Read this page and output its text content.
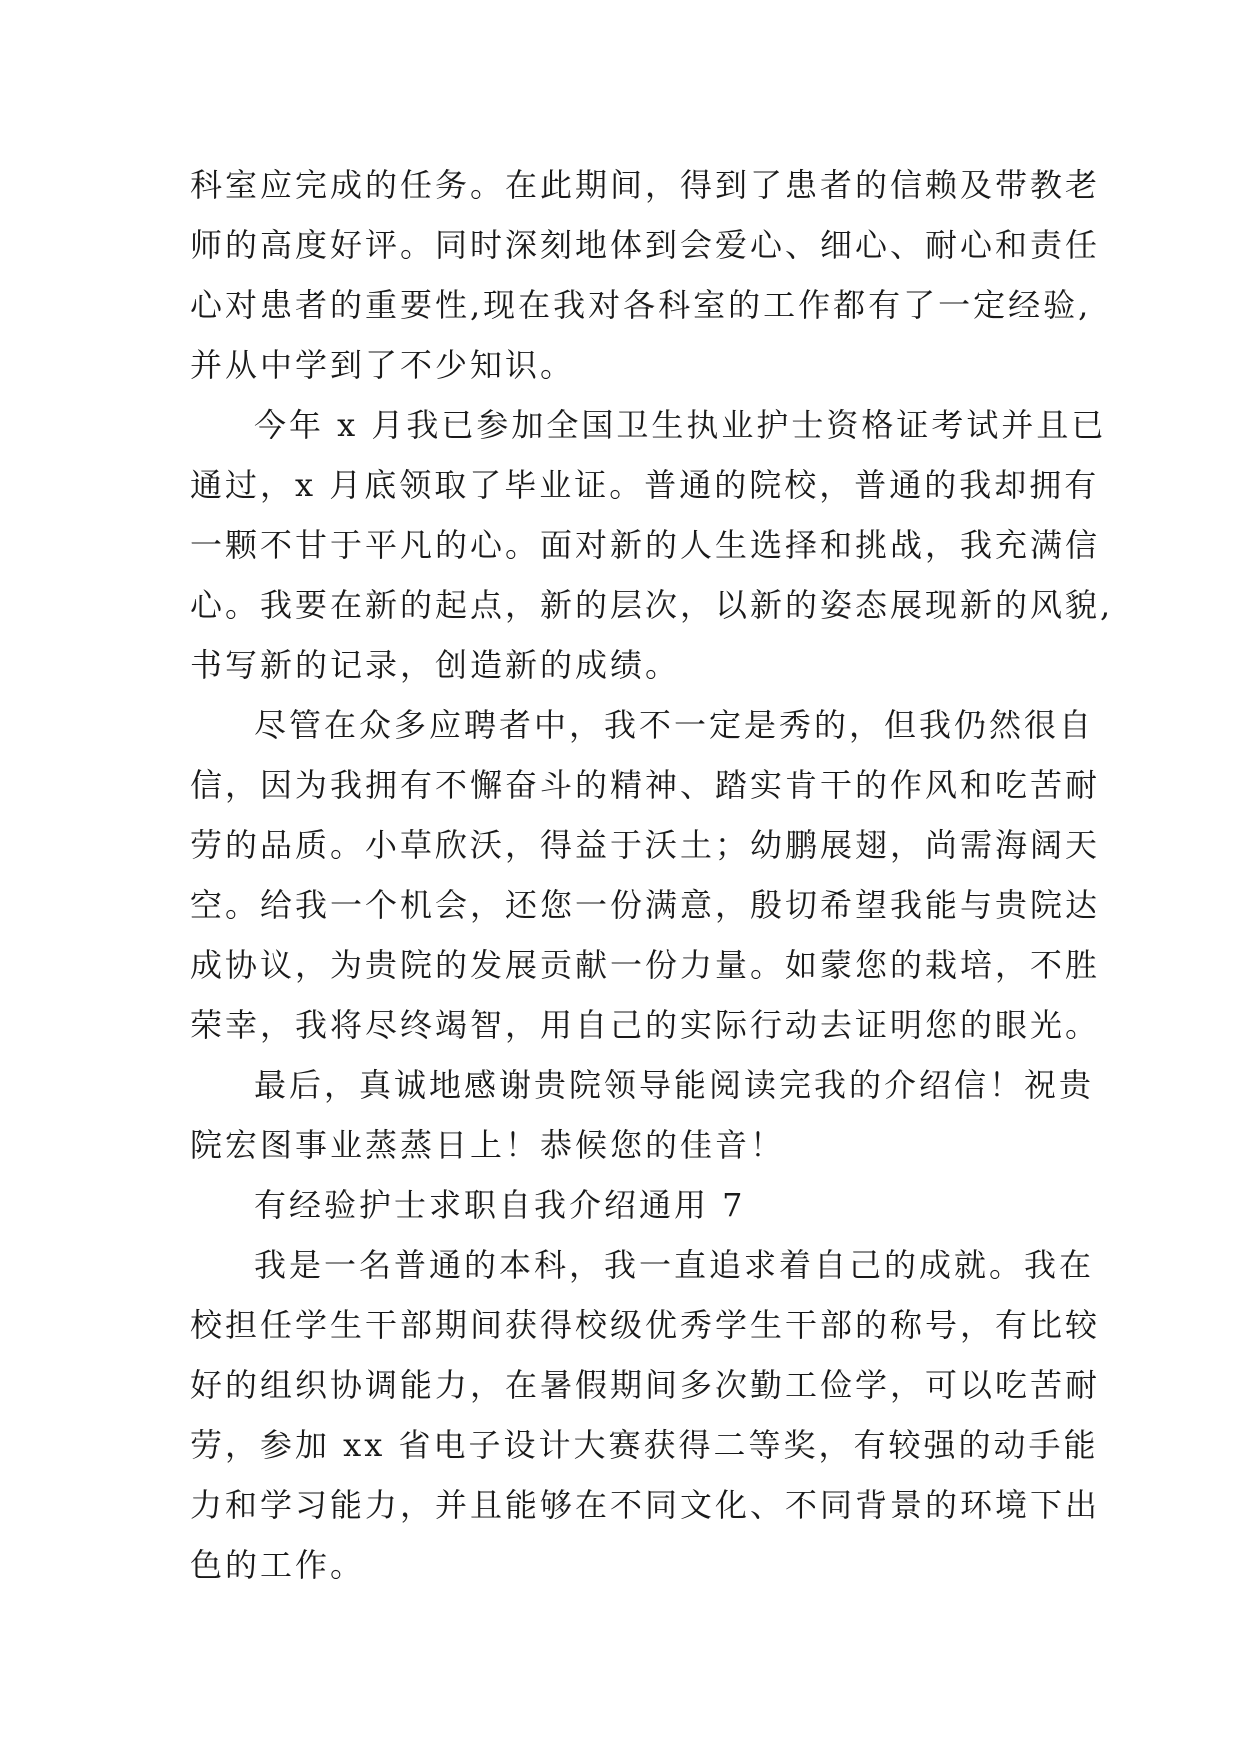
科室应完成的任务。在此期间，得到了患者的信赖及带教老
师的高度好评。同时深刻地体到会爱心、细心、耐心和责任
心对患者的重要性,现在我对各科室的工作都有了一定经验,
并从中学到了不少知识。
今年 x 月我已参加全国卫生执业护士资格证考试并且已
通过，x 月底领取了毕业证。普通的院校，普通的我却拥有
一颗不甘于平凡的心。面对新的人生选择和挑战，我充满信
心。我要在新的起点，新的层次，以新的姿态展现新的风貌,
书写新的记录，创造新的成绩。
尽管在众多应聘者中，我不一定是秀的，但我仍然很自
信，因为我拥有不懈奋斗的精神、踏实肯干的作风和吃苦耐
劳的品质。小草欣沃，得益于沃土；幼鹏展翅，尚需海阔天
空。给我一个机会，还您一份满意，殷切希望我能与贵院达
成协议，为贵院的发展贡献一份力量。如蒙您的栽培，不胜
荣幸，我将尽终竭智，用自己的实际行动去证明您的眼光。
最后，真诚地感谢贵院领导能阅读完我的介绍信！祝贵
院宏图事业蒸蒸日上！恭候您的佳音！
有经验护士求职自我介绍通用 7
我是一名普通的本科，我一直追求着自己的成就。我在
校担任学生干部期间获得校级优秀学生干部的称号，有比较
好的组织协调能力，在暑假期间多次勤工俭学，可以吃苦耐
劳，参加 xx 省电子设计大赛获得二等奖，有较强的动手能
力和学习能力，并且能够在不同文化、不同背景的环境下出
色的工作。
